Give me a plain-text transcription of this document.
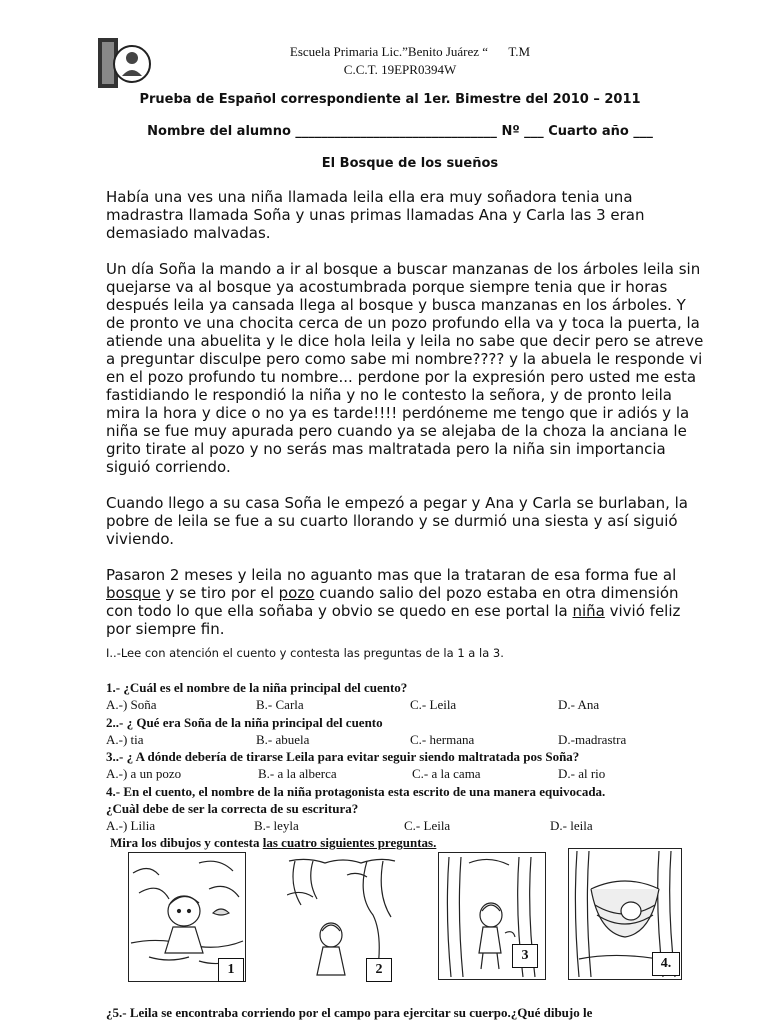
Escuela Primaria Lic.”Benito Juárez “ T.M
C.C.T. 19EPR0394W
Prueba de Español correspondiente al 1er. Bimestre del 2010 – 2011
Nombre del alumno _______________________________ Nº ___ Cuarto año ___
El Bosque de los sueños

Había una ves una niña llamada leila ella era muy soñadora tenia una madrastra llamada Soña y unas primas llamadas Ana y Carla las 3 eran demasiado malvadas.

Un día Soña la mando a ir al bosque a buscar manzanas de los árboles leila sin quejarse va al bosque ya acostumbrada porque siempre tenia que ir horas después leila ya cansada llega al bosque y busca manzanas en los árboles. Y de pronto ve una chocita cerca de un pozo profundo ella va y toca la puerta, la atiende una abuelita y le dice hola leila y leila no sabe que decir pero se atreve a preguntar disculpe pero como sabe mi nombre???? y la abuela le responde vi en el pozo profundo tu nombre... perdone por la expresión pero usted me esta fastidiando le respondió la niña y no le contesto la señora, y de pronto leila mira la hora y dice o no ya es tarde!!!! perdóneme me tengo que ir adiós y la niña se fue muy apurada pero cuando ya se alejaba de la choza la anciana le grito tirate al pozo y no serás mas maltratada pero la niña sin importancia siguió corriendo.

Cuando llego a su casa Soña le empezó a pegar y Ana y Carla se burlaban, la pobre de leila se fue a su cuarto llorando y se durmió una siesta y así siguió viviendo.

Pasaron 2 meses y leila no aguanto mas que la trataran de esa forma fue al bosque y se tiro por el pozo cuando salio del pozo estaba en otra dimensión con todo lo que ella soñaba y obvio se quedo en ese portal la niña vivió feliz por siempre fin.

I..-Lee con atención el cuento y contesta las preguntas de la 1 a la 3.
1.- ¿Cuál es el nombre de la niña principal del cuento?
A.-) Soña	B.- Carla	C.- Leila	D.- Ana
2..- ¿ Qué era Soña de la niña principal del cuento
A.-) tia	B.- abuela	C.- hermana	D.-madrastra
3..- ¿ A dónde debería de tirarse Leila para evitar seguir siendo maltratada pos Soña?
A.-) a un pozo	B.- a la alberca	C.- a la cama	D.- al rio
4.- En el cuento, el nombre de la niña protagonista esta escrito de una manera equivocada.
¿Cuàl debe de ser la correcta de su escritura?
A.-) Lilia	B.- leyla	C.- Leila	D.- leila
Mira los dibujos y contesta las cuatro siguientes preguntas.
1	2
3
4.
¿5.- Leila se encontraba corriendo por el campo para ejercitar su cuerpo.¿Qué dibujo le
